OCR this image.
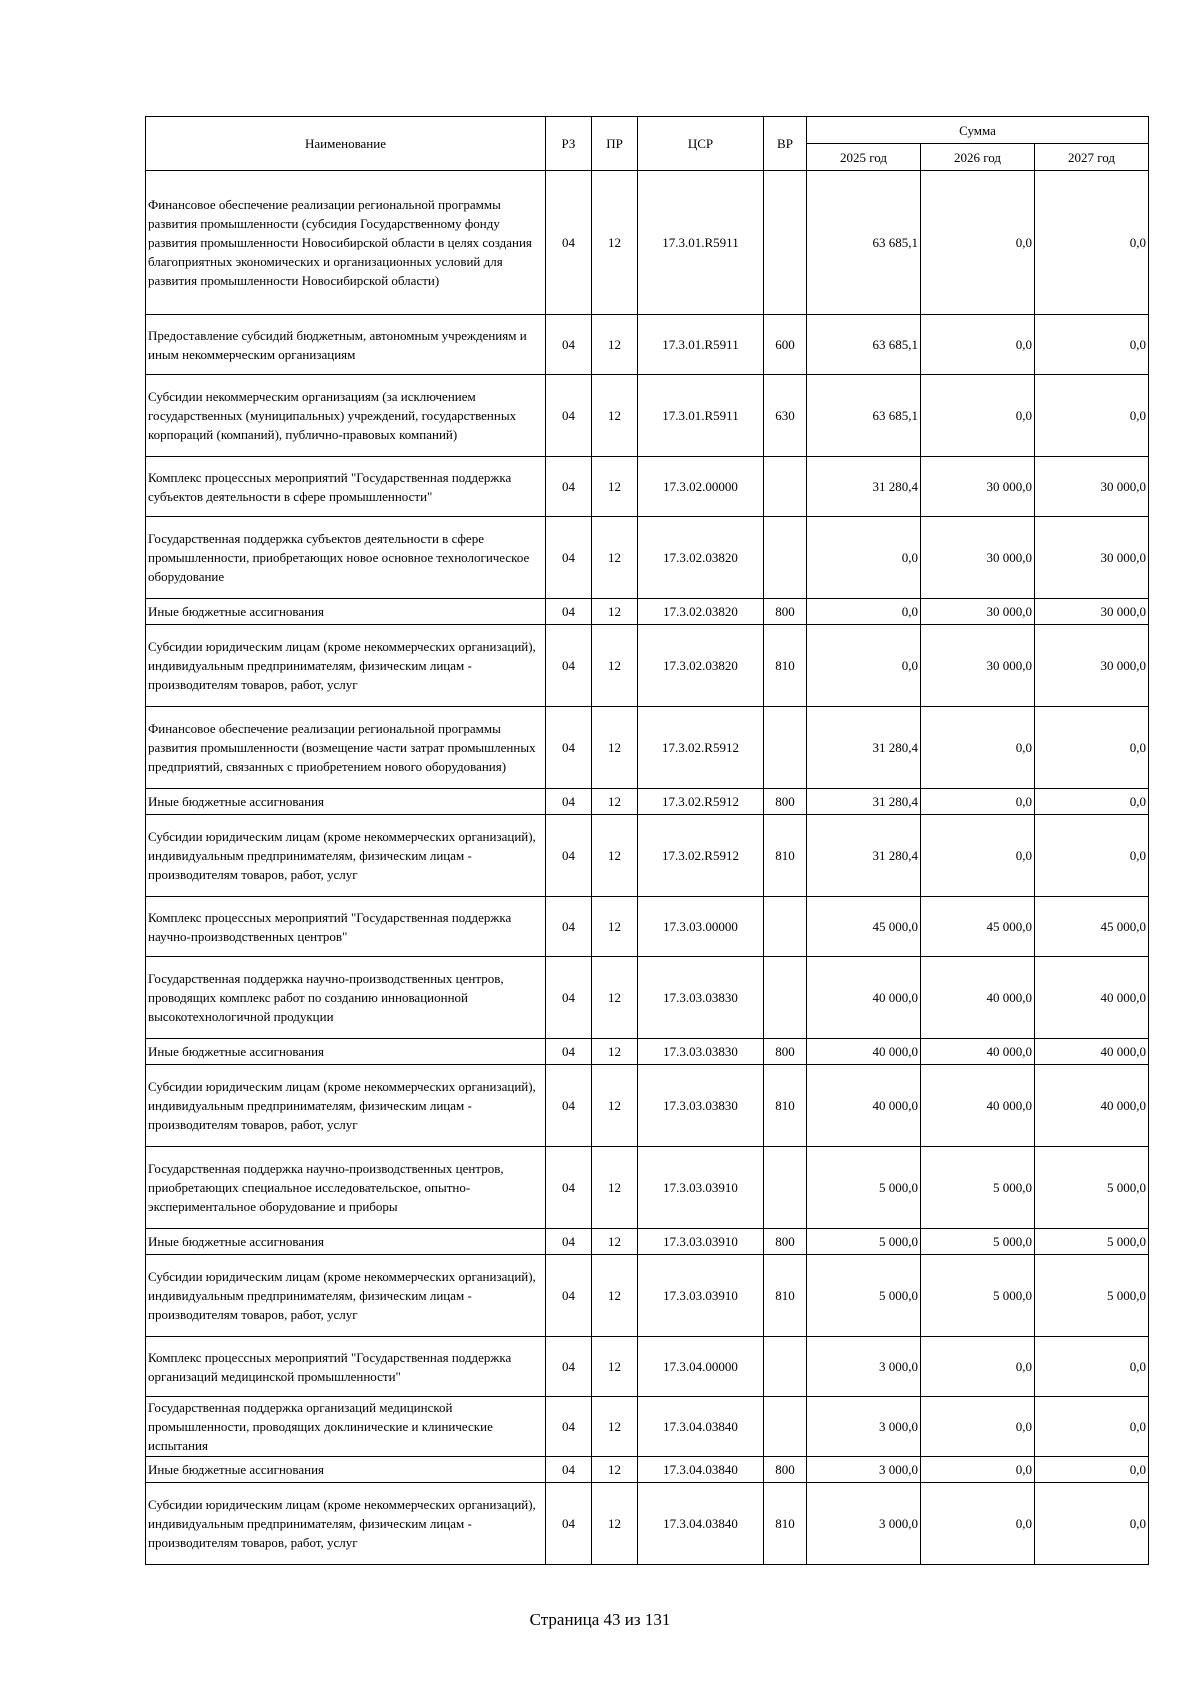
Наименование	РЗ	ПР	ЦСР	ВР	Сумма		
					2025 год	2026 год	2027 год
Финансовое обеспечение реализации региональной программы развития промышленности (субсидия Государственному фонду развития промышленности Новосибирской области в целях создания благоприятных экономических и организационных условий для развития промышленности Новосибирской области)	04	12	17.3.01.R5911		63 685,1	0,0	0,0
Предоставление субсидий бюджетным, автономным учреждениям и иным некоммерческим организациям	04	12	17.3.01.R5911	600	63 685,1	0,0	0,0
Субсидии некоммерческим организациям (за исключением государственных (муниципальных) учреждений, государственных корпораций (компаний), публично-правовых компаний)	04	12	17.3.01.R5911	630	63 685,1	0,0	0,0
Комплекс процессных мероприятий "Государственная поддержка субъектов деятельности в сфере промышленности"	04	12	17.3.02.00000		31 280,4	30 000,0	30 000,0
Государственная поддержка субъектов деятельности в сфере промышленности, приобретающих новое основное технологическое оборудование	04	12	17.3.02.03820		0,0	30 000,0	30 000,0
Иные бюджетные ассигнования	04	12	17.3.02.03820	800	0,0	30 000,0	30 000,0
Субсидии юридическим лицам (кроме некоммерческих организаций), индивидуальным предпринимателям, физическим лицам - производителям товаров, работ, услуг	04	12	17.3.02.03820	810	0,0	30 000,0	30 000,0
Финансовое обеспечение реализации региональной программы развития промышленности (возмещение части затрат промышленных предприятий, связанных с приобретением нового оборудования)	04	12	17.3.02.R5912		31 280,4	0,0	0,0
Иные бюджетные ассигнования	04	12	17.3.02.R5912	800	31 280,4	0,0	0,0
Субсидии юридическим лицам (кроме некоммерческих организаций), индивидуальным предпринимателям, физическим лицам - производителям товаров, работ, услуг	04	12	17.3.02.R5912	810	31 280,4	0,0	0,0
Комплекс процессных мероприятий "Государственная поддержка научно-производственных центров"	04	12	17.3.03.00000		45 000,0	45 000,0	45 000,0
Государственная поддержка научно-производственных центров, проводящих комплекс работ по созданию инновационной высокотехнологичной продукции	04	12	17.3.03.03830		40 000,0	40 000,0	40 000,0
Иные бюджетные ассигнования	04	12	17.3.03.03830	800	40 000,0	40 000,0	40 000,0
Субсидии юридическим лицам (кроме некоммерческих организаций), индивидуальным предпринимателям, физическим лицам - производителям товаров, работ, услуг	04	12	17.3.03.03830	810	40 000,0	40 000,0	40 000,0
Государственная поддержка научно-производственных центров, приобретающих специальное исследовательское, опытно-экспериментальное оборудование и приборы	04	12	17.3.03.03910		5 000,0	5 000,0	5 000,0
Иные бюджетные ассигнования	04	12	17.3.03.03910	800	5 000,0	5 000,0	5 000,0
Субсидии юридическим лицам (кроме некоммерческих организаций), индивидуальным предпринимателям, физическим лицам - производителям товаров, работ, услуг	04	12	17.3.03.03910	810	5 000,0	5 000,0	5 000,0
Комплекс процессных мероприятий "Государственная поддержка организаций медицинской промышленности"	04	12	17.3.04.00000		3 000,0	0,0	0,0
Государственная поддержка организаций медицинской промышленности, проводящих доклинические и клинические испытания	04	12	17.3.04.03840		3 000,0	0,0	0,0
Иные бюджетные ассигнования	04	12	17.3.04.03840	800	3 000,0	0,0	0,0
Субсидии юридическим лицам (кроме некоммерческих организаций), индивидуальным предпринимателям, физическим лицам - производителям товаров, работ, услуг	04	12	17.3.04.03840	810	3 000,0	0,0	0,0
Страница 43 из 131
